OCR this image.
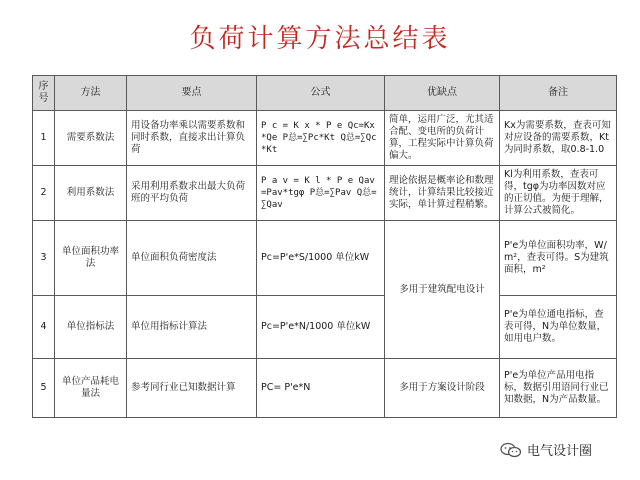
负荷计算方法总结表
序号	方法	要点	公式	优缺点	备注
1	需要系数法	用设备功率乘以需要系数和同时系数，直接求出计算负荷	P c = K x * P e Qc=Kx*Qe P总=∑Pc*Kt Q总=∑Qc*Kt	简单，运用广泛，尤其适合配、变电所的负荷计算，工程实际中计算负荷偏大。	Kx为需要系数，查表可知对应设备的需要系数，Kt为同时系数，取0.8-1.0
2	利用系数法	采用利用系数求出最大负荷班的平均负荷	P a v = K l * P e Qav=Pav*tgφ P总=∑Pav Q总=∑Qav	理论依据是概率论和数理统计，计算结果比较接近实际，单计算过程稍繁。	Kl为利用系数，查表可得，tgφ为功率因数对应的正切值。为便于理解，计算公式被简化。
3	单位面积功率法	单位面积负荷密度法	Pc=P'e*S/1000 单位kW	多用于建筑配电设计	P'e为单位面积功率，W/m²，查表可得。S为建筑面积，m²
4	单位指标法	单位用指标计算法	Pc=P'e*N/1000 单位kW		P'e为单位通电指标，查表可得，N为单位数量，如用电户数。
5	单位产品耗电量法	参考同行业已知数据计算	PC= P'e*N	多用于方案设计阶段	P'e为单位产品用电指标，数据引用语同行业已知数据，N为产品数量。
电气设计圈
